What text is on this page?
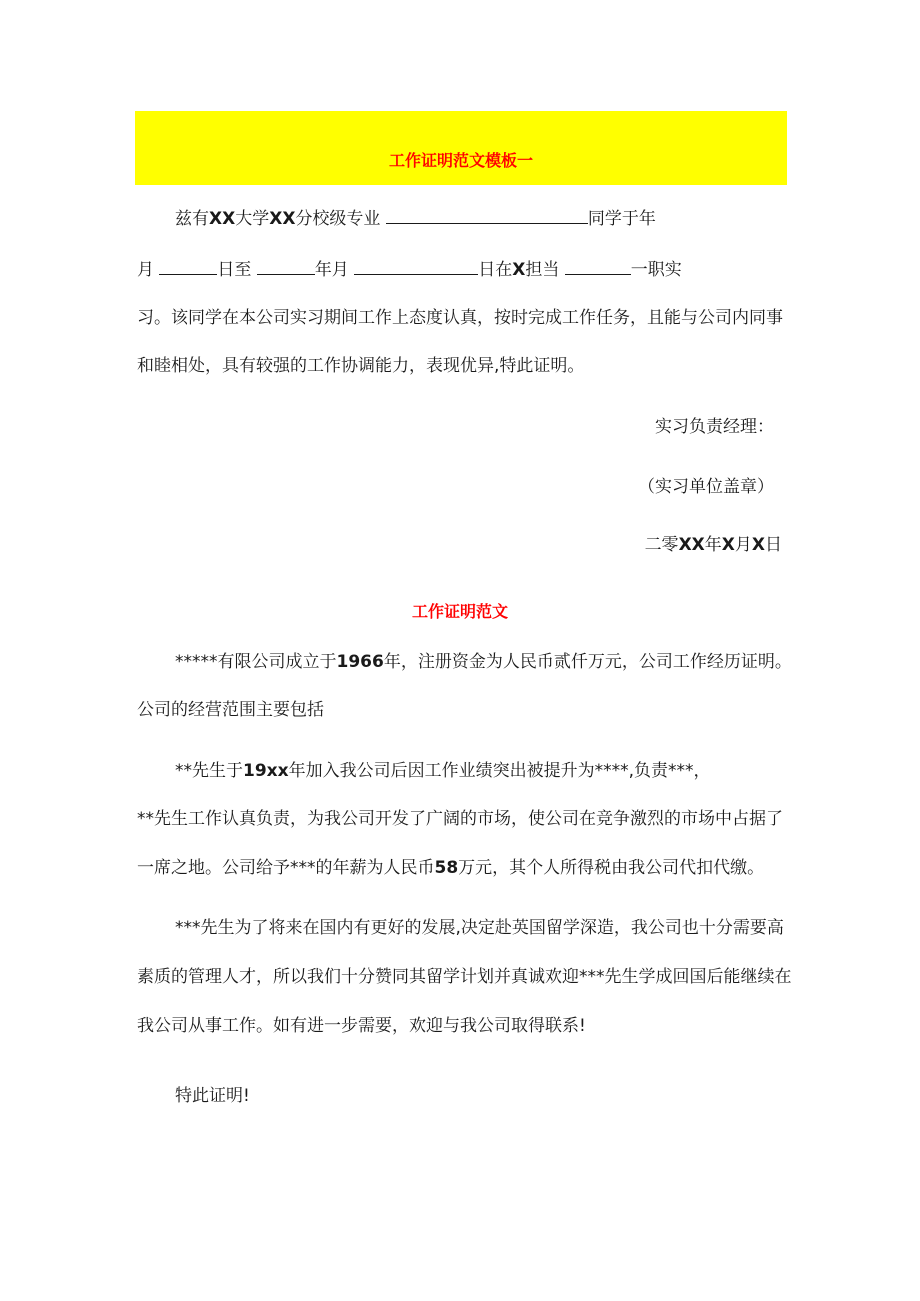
工作证明范文模板一
兹有XX大学XX分校级专业	同学于年
月	日至	年月	日在X担当	一职实
习。该同学在本公司实习期间工作上态度认真，按时完成工作任务，且能与公司内同事
和睦相处，具有较强的工作协调能力，表现优异,特此证明。
实习负责经理：
（实习单位盖章）
二零XX年X月X日
工作证明范文
*****有限公司成立于1966年，注册资金为人民币贰仟万元，公司工作经历证明。
公司的经营范围主要包括
**先生于19xx年加入我公司后因工作业绩突出被提升为****,负责***，
**先生工作认真负责，为我公司开发了广阔的市场，使公司在竞争激烈的市场中占据了
一席之地。公司给予***的年薪为人民币58万元，其个人所得税由我公司代扣代缴。
***先生为了将来在国内有更好的发展,决定赴英国留学深造，我公司也十分需要高
素质的管理人才，所以我们十分赞同其留学计划并真诚欢迎***先生学成回国后能继续在
我公司从事工作。如有进一步需要，欢迎与我公司取得联系!
特此证明!
